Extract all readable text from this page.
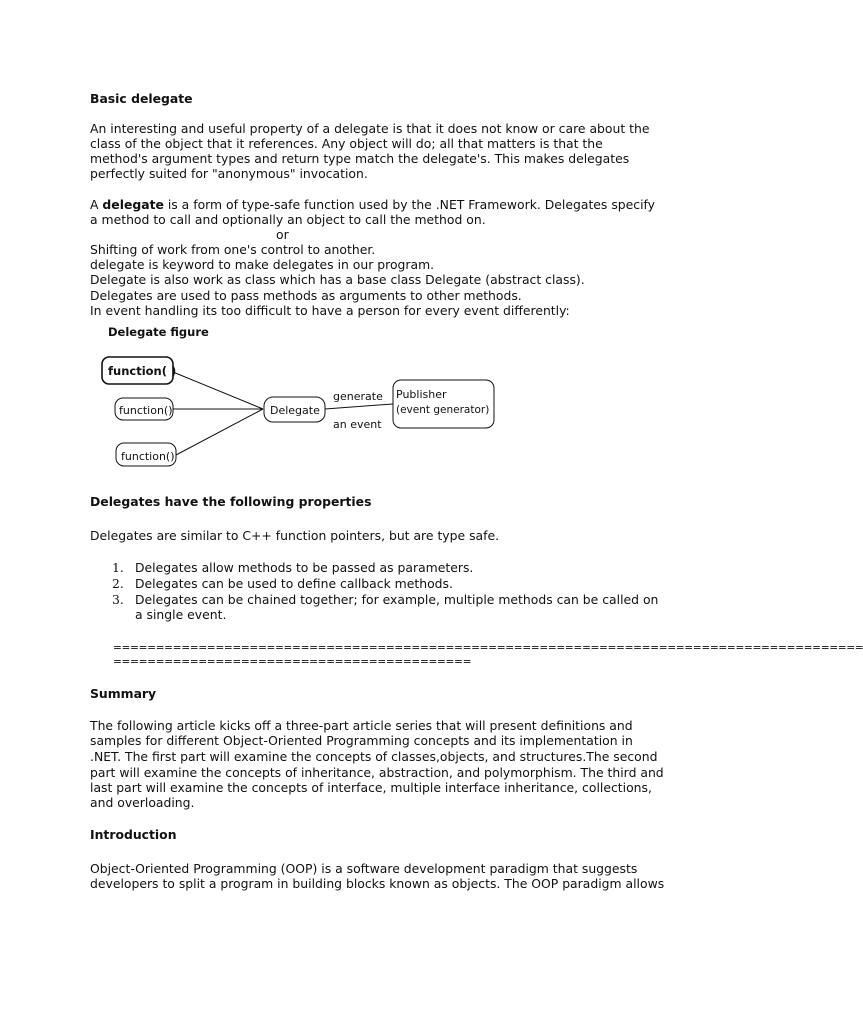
Basic delegate
An interesting and useful property of a delegate is that it does not know or care about the
class of the object that it references. Any object will do; all that matters is that the
method's argument types and return type match the delegate's. This makes delegates
perfectly suited for "anonymous" invocation.
A delegate is a form of type-safe function used by the .NET Framework. Delegates specify
a method to call and optionally an object to call the method on.
or
Shifting of work from one's control to another.
delegate is keyword to make delegates in our program.
Delegate is also work as class which has a base class Delegate (abstract class).
Delegates are used to pass methods as arguments to other methods.
In event handling its too difficult to have a person for every event differently:
Delegates have the following properties
Delegates are similar to C++ function pointers, but are type safe.
1. Delegates allow methods to be passed as parameters.
2. Delegates can be used to define callback methods.
3. Delegates can be chained together; for example, multiple methods can be called on
a single event.
========================================================================================
==========================================
Summary
The following article kicks off a three-part article series that will present definitions and
samples for different Object-Oriented Programming concepts and its implementation in
.NET. The first part will examine the concepts of classes,objects, and structures.The second
part will examine the concepts of inheritance, abstraction, and polymorphism. The third and
last part will examine the concepts of interface, multiple interface inheritance, collections,
and overloading.
Introduction
Object-Oriented Programming (OOP) is a software development paradigm that suggests
developers to split a program in building blocks known as objects. The OOP paradigm allows
Delegate figure
function( )
function()
function()
Delegate
generate
an event
Publisher
(event generator)
